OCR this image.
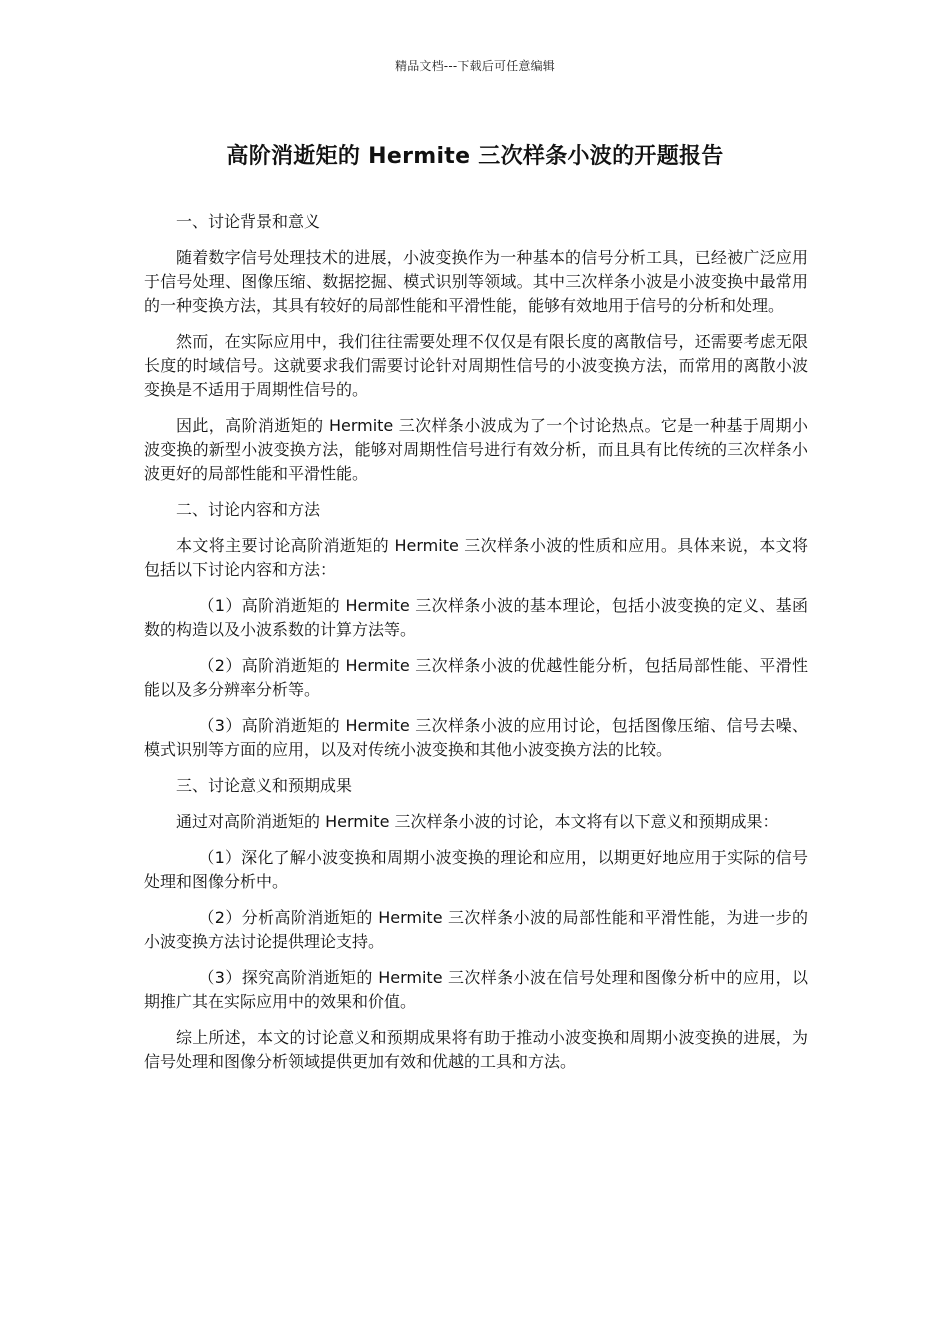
精品文档---下载后可任意编辑
高阶消逝矩的 Hermite 三次样条小波的开题报告

一、讨论背景和意义

随着数字信号处理技术的进展，小波变换作为一种基本的信号分析工具，已经被广泛应用于信号处理、图像压缩、数据挖掘、模式识别等领域。其中三次样条小波是小波变换中最常用的一种变换方法，其具有较好的局部性能和平滑性能，能够有效地用于信号的分析和处理。

然而，在实际应用中，我们往往需要处理不仅仅是有限长度的离散信号，还需要考虑无限长度的时域信号。这就要求我们需要讨论针对周期性信号的小波变换方法，而常用的离散小波变换是不适用于周期性信号的。

因此，高阶消逝矩的 Hermite 三次样条小波成为了一个讨论热点。它是一种基于周期小波变换的新型小波变换方法，能够对周期性信号进行有效分析，而且具有比传统的三次样条小波更好的局部性能和平滑性能。

二、讨论内容和方法

本文将主要讨论高阶消逝矩的 Hermite 三次样条小波的性质和应用。具体来说，本文将包括以下讨论内容和方法：

（1）高阶消逝矩的 Hermite 三次样条小波的基本理论，包括小波变换的定义、基函数的构造以及小波系数的计算方法等。

（2）高阶消逝矩的 Hermite 三次样条小波的优越性能分析，包括局部性能、平滑性能以及多分辨率分析等。

（3）高阶消逝矩的 Hermite 三次样条小波的应用讨论，包括图像压缩、信号去噪、模式识别等方面的应用，以及对传统小波变换和其他小波变换方法的比较。

三、讨论意义和预期成果

通过对高阶消逝矩的 Hermite 三次样条小波的讨论，本文将有以下意义和预期成果：

（1）深化了解小波变换和周期小波变换的理论和应用，以期更好地应用于实际的信号处理和图像分析中。

（2）分析高阶消逝矩的 Hermite 三次样条小波的局部性能和平滑性能，为进一步的小波变换方法讨论提供理论支持。

（3）探究高阶消逝矩的 Hermite 三次样条小波在信号处理和图像分析中的应用，以期推广其在实际应用中的效果和价值。

综上所述，本文的讨论意义和预期成果将有助于推动小波变换和周期小波变换的进展，为信号处理和图像分析领域提供更加有效和优越的工具和方法。
